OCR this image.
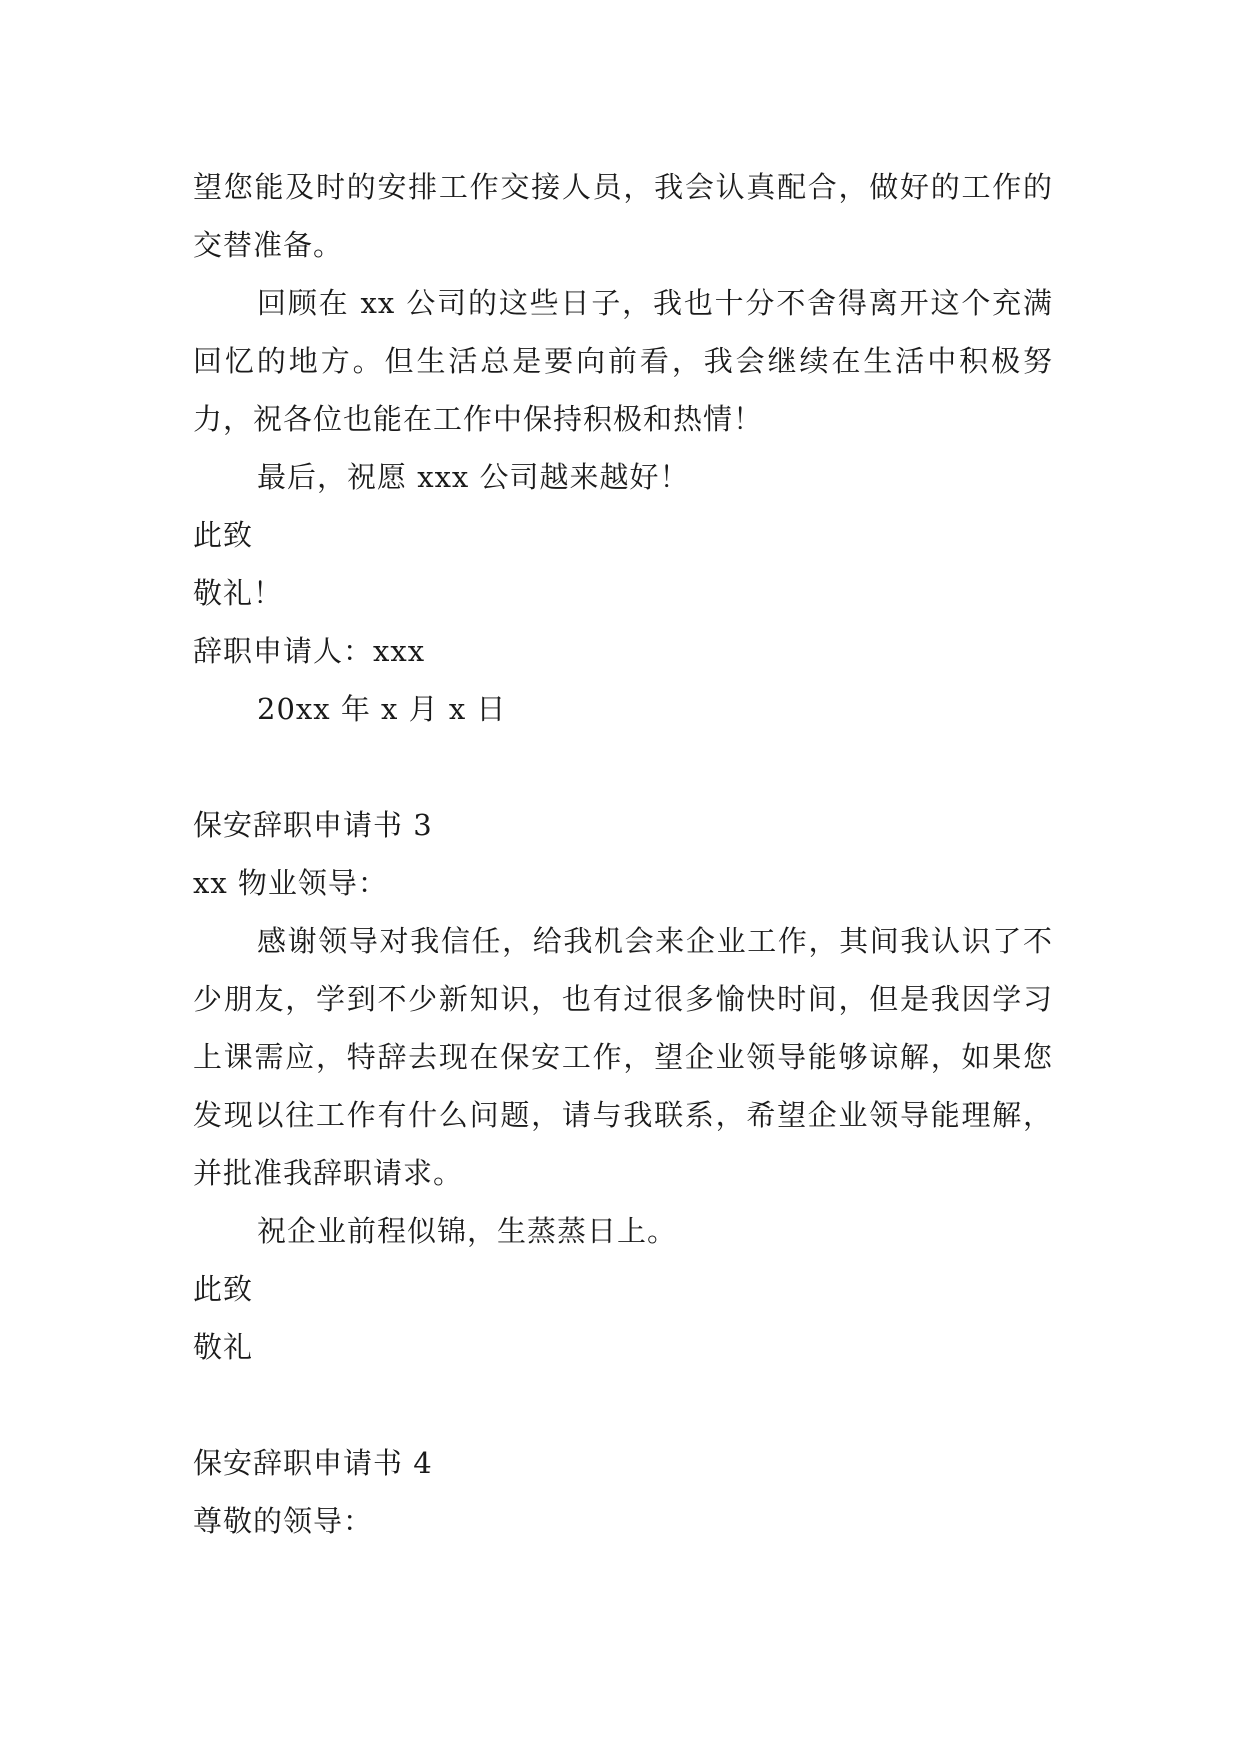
望您能及时的安排工作交接人员，我会认真配合，做好的工作的交替准备。

回顾在 xx 公司的这些日子，我也十分不舍得离开这个充满回忆的地方。但生活总是要向前看，我会继续在生活中积极努力，祝各位也能在工作中保持积极和热情！

最后，祝愿 xxx 公司越来越好！

此致

敬礼！

辞职申请人：xxx

20xx 年 x 月 x 日

保安辞职申请书 3

xx 物业领导：

感谢领导对我信任，给我机会来企业工作，其间我认识了不少朋友，学到不少新知识，也有过很多愉快时间，但是我因学习上课需应，特辞去现在保安工作，望企业领导能够谅解，如果您发现以往工作有什么问题，请与我联系，希望企业领导能理解，并批准我辞职请求。

祝企业前程似锦，生蒸蒸日上。

此致

敬礼

保安辞职申请书 4

尊敬的领导：
